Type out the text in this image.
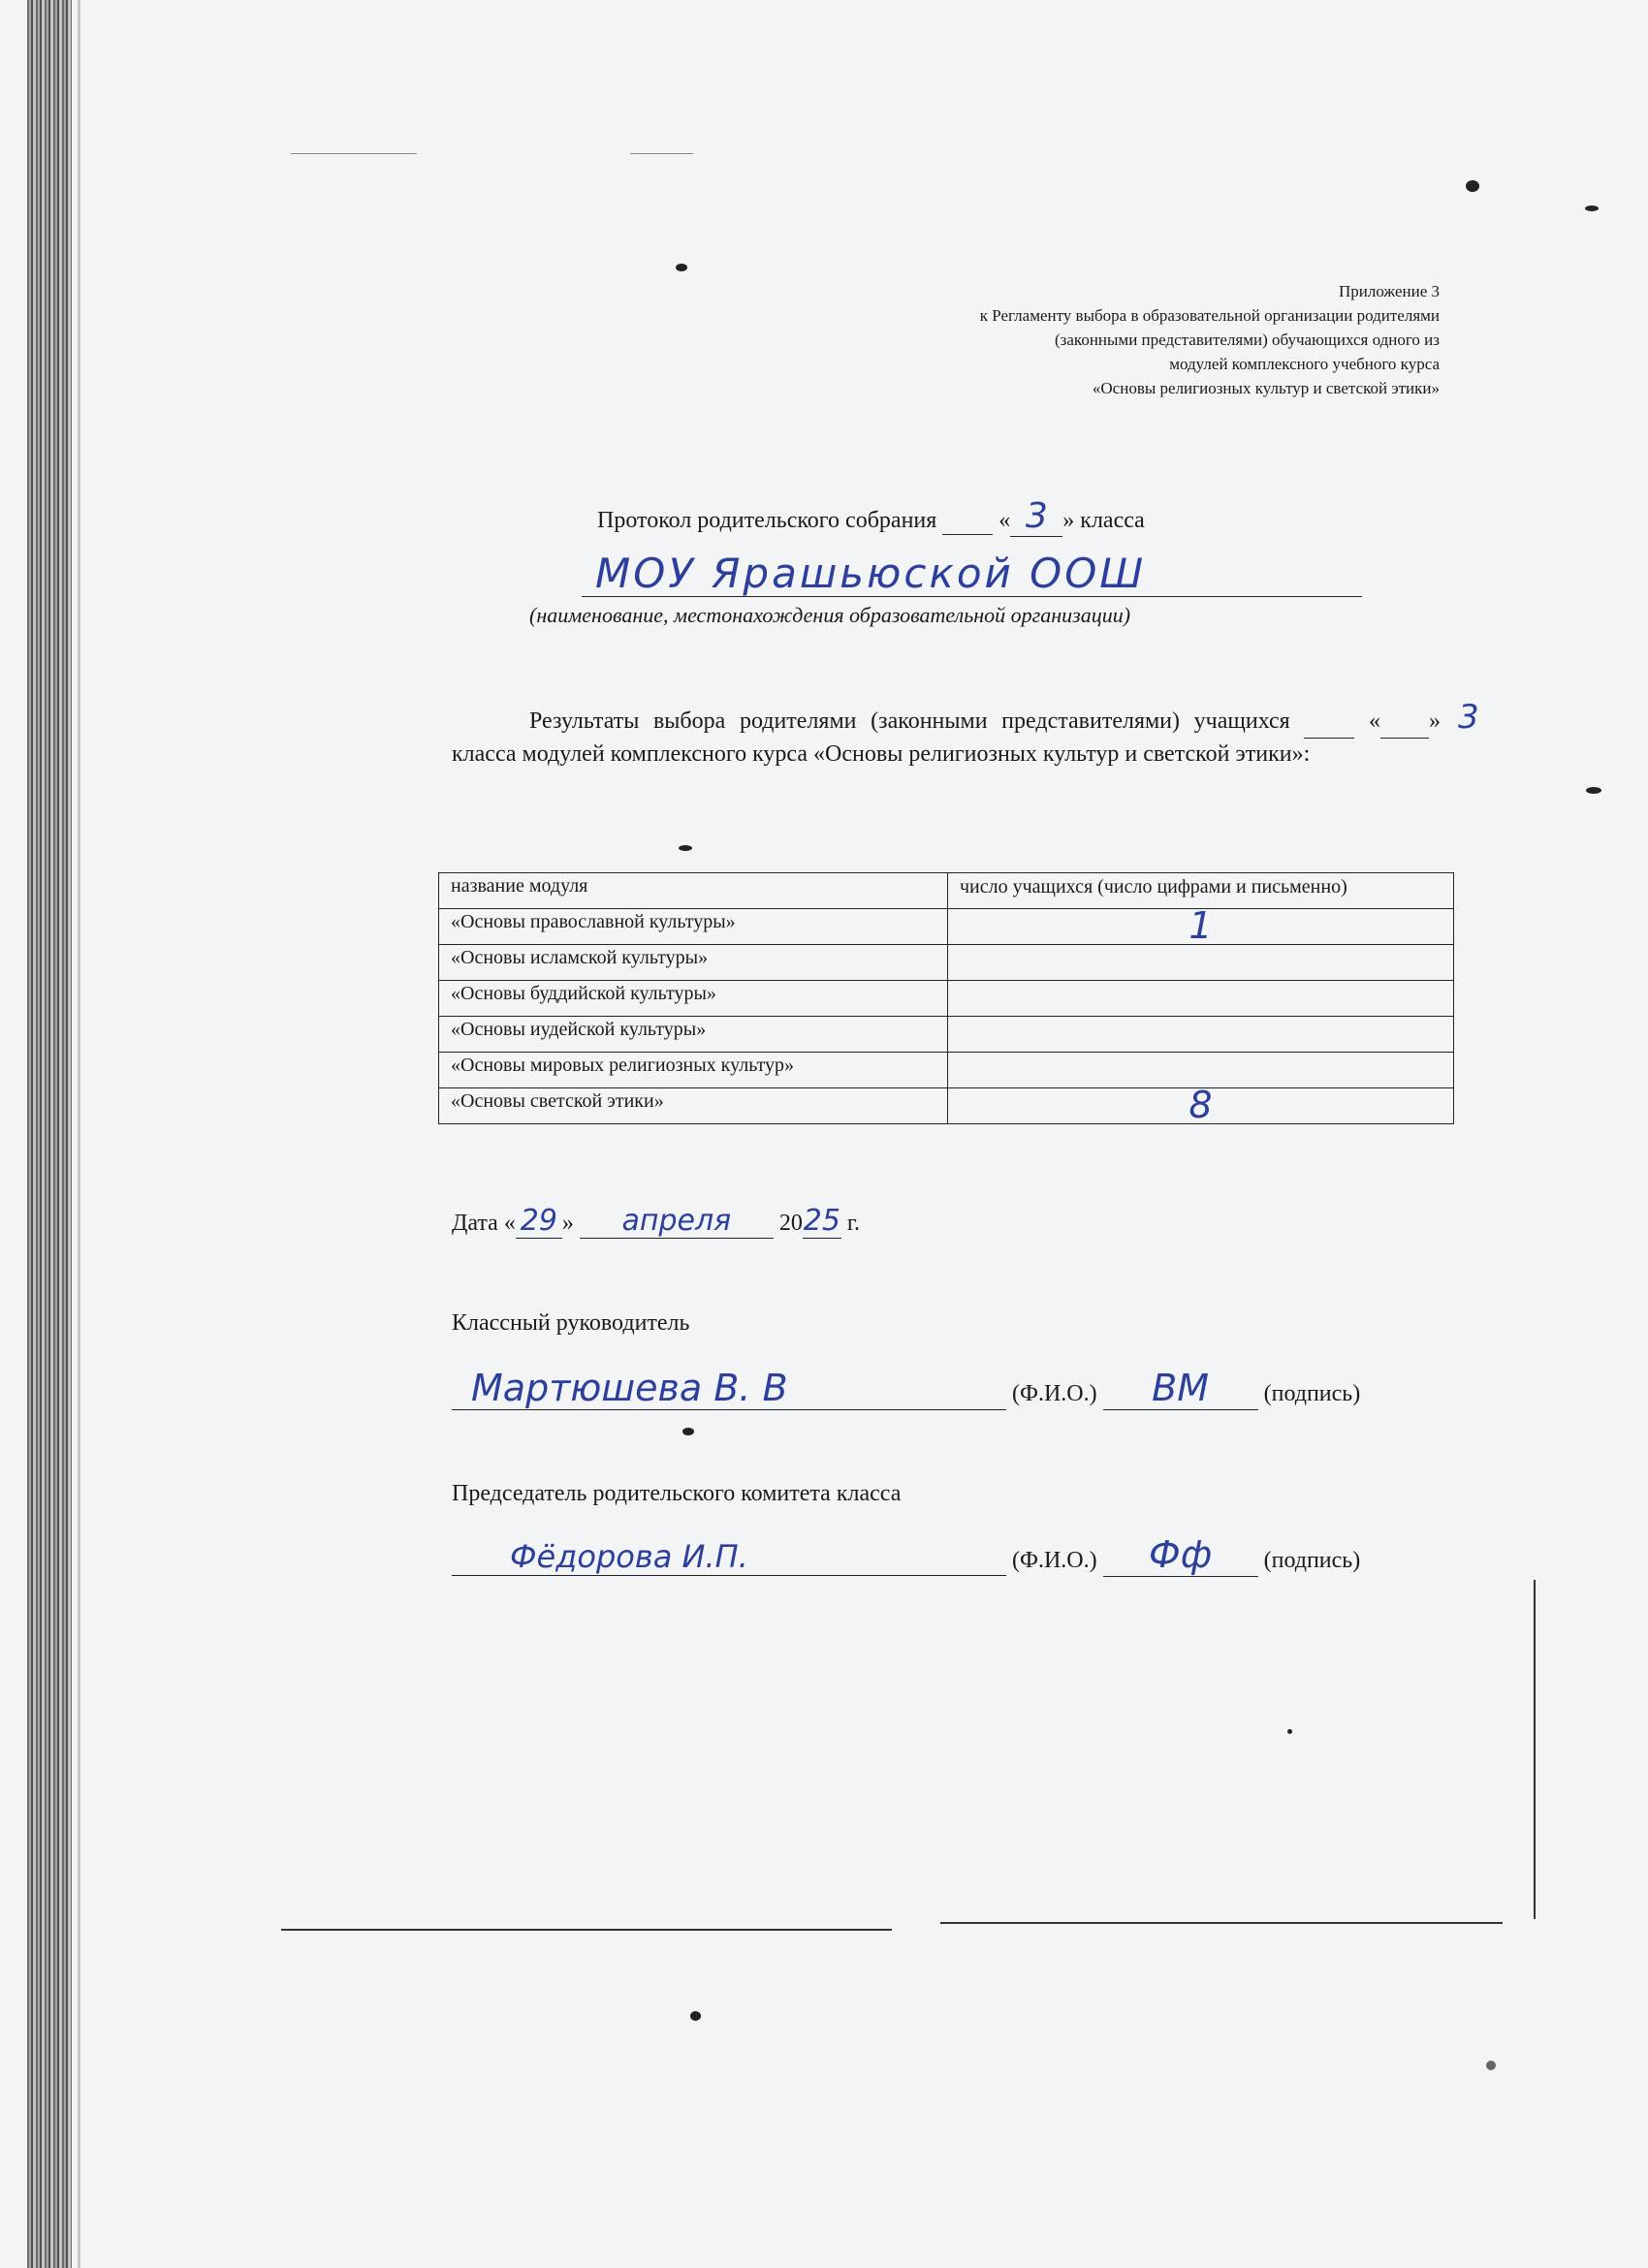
Приложение 3
к Регламенту выбора в образовательной организации родителями
(законными представителями) обучающихся одного из
модулей комплексного учебного курса
«Основы религиозных культур и светской этики»
Протокол родительского собрания	« 3 » класса
МОУ Ярашьюской ООШ
(наименование, местонахождения образовательной организации)
Результаты выбора родителями (законными представителями) учащихся	« 3» класса модулей комплексного курса «Основы религиозных культур и светской этики»:
название модуля	число учащихся (число цифрами и письменно)
«Основы православной культуры»	1
«Основы исламской культуры»	
«Основы буддийской культуры»	
«Основы иудейской культуры»	
«Основы мировых религиозных культур»	
«Основы светской этики»	8
Дата « 29 » апреля 2025 г.
Классный руководитель
Мартюшева В. В	(Ф.И.О.) ВМ (подпись)
Председатель родительского комитета класса
Фёдорова И.П.	(Ф.И.О.) Фф (подпись)
